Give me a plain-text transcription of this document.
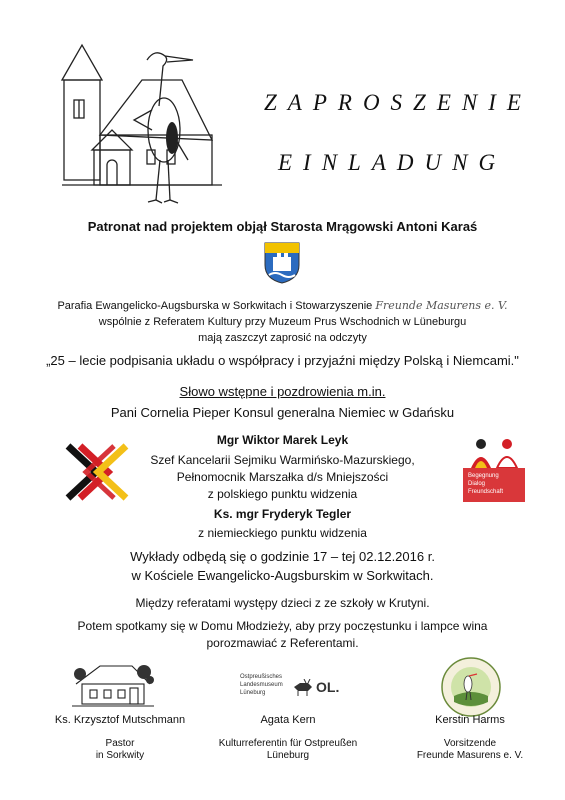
ZAPROSZENIE
EINLADUNG
Patronat nad projektem objął Starosta Mrągowski Antoni Karaś
Parafia Ewangelicko-Augsburska w Sorkwitach i Stowarzyszenie Freunde Masurens e. V.
wspólnie z Referatem Kultury przy Muzeum Prus Wschodnich w Lüneburgu
mają zaszczyt zaprosić na odczyty
„25 – lecie podpisania układu o współpracy i przyjaźni między Polską i Niemcami."
Słowo wstępne i pozdrowienia m.in.
Pani Cornelia Pieper Konsul generalna Niemiec w Gdańsku
Begegnung
Dialog
Freundschaft
Mgr Wiktor Marek Leyk
Szef Kancelarii Sejmiku Warmińsko-Mazurskiego,
Pełnomocnik Marszałka d/s Mniejszości
z polskiego punktu widzenia
Ks. mgr Fryderyk Tegler
z niemieckiego punktu widzenia
Wykłady odbędą się o godzinie 17 – tej 02.12.2016 r.
w Kościele Ewangelicko-Augsburskim w Sorkwitach.
Między referatami występy dzieci z ze szkoły w Krutyni.
Potem spotkamy się w Domu Młodzieży, aby przy poczęstunku i lampce wina
porozmawiać z Referentami.
Ostpreußisches
Landesmuseum
Lüneburg	OL.
Ks. Krzysztof Mutschmann
Pastor
in Sorkwity
Agata Kern
Kulturreferentin für Ostpreußen
Lüneburg
Kerstin Harms
Vorsitzende
Freunde Masurens e. V.
